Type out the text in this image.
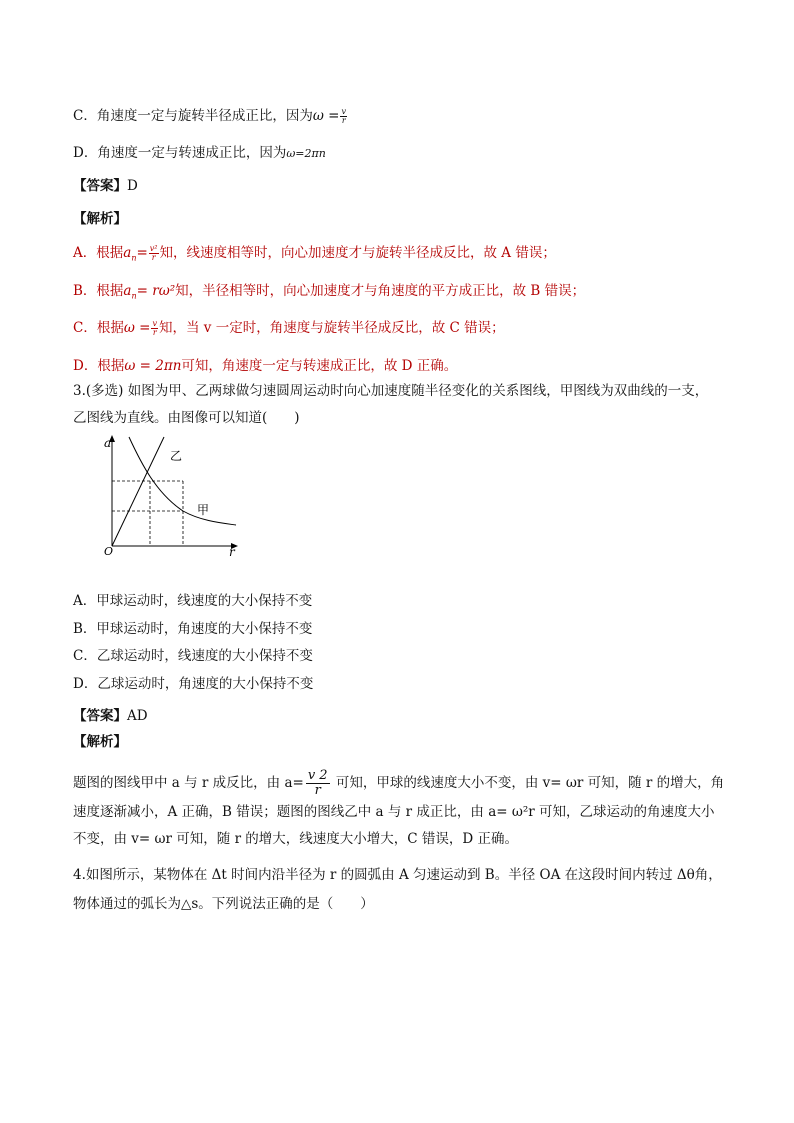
C．角速度一定与旋转半径成正比，因为$\omega = \frac{v}{r}$
D．角速度一定与转速成正比，因为ω=2πn
【答案】D
【解析】
A．根据$a_n= \frac{\text{v²}}{r}$ 知，线速度相等时，向心加速度才与旋转半径成反比，故 A 错误；
B．根据$a_n= r\omega^2$知，半径相等时，向心加速度才与角速度的平方成正比，故 B 错误；
C．根据$\omega = \frac{v}{r}$ 知，当 v 一定时，角速度与旋转半径成反比，故 C 错误；
D．根据ω = 2πn可知，角速度一定与转速成正比，故 D 正确。
3.(多选) 如图为甲、乙两球做匀速圆周运动时向心加速度随半径变化的关系图线，甲图线为双曲线的一支，
乙图线为直线。由图像可以知道(　　)
a
r
O
乙
甲
A．甲球运动时，线速度的大小保持不变
B．甲球运动时，角速度的大小保持不变
C．乙球运动时，线速度的大小保持不变
D．乙球运动时，角速度的大小保持不变
【答案】AD
【解析】
题图的图线甲中 a 与 r 成反比，由 $a= \frac{v 2}{r}$ 可知，甲球的线速度大小不变，由 v= ωr 可知，随 r 的增大，角
速度逐渐减小，A 正确，B 错误；题图的图线乙中 a 与 r 成正比，由 a= ω²r 可知，乙球运动的角速度大小
不变，由 v= ωr 可知，随 r 的增大，线速度大小增大，C 错误，D 正确。
4.如图所示，某物体在 Δt 时间内沿半径为 r 的圆弧由 A 匀速运动到 B。半径 OA 在这段时间内转过 Δθ角，
物体通过的弧长为△s。下列说法正确的是（　　）
